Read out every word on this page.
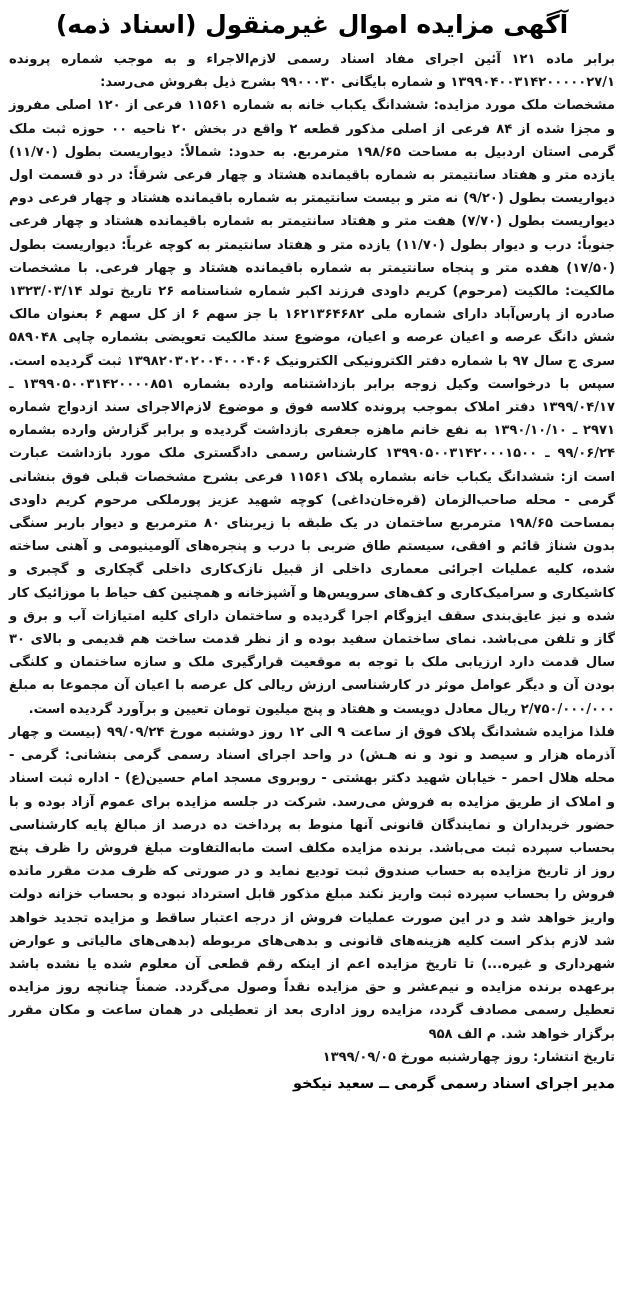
آگهی مزایده اموال غیرمنقول (اسناد ذمه)

برابر ماده ۱۲۱ آئین اجرای مفاد اسناد رسمی لازم‌الاجراء و به موجب شماره پرونده ۱۳۹۹۰۴۰۰۳۱۴۲۰۰۰۰۰۲۷/۱ و شماره بایگانی ۹۹۰۰۰۳۰ بشرح ذیل بفروش می‌رسد:

مشخصات ملک مورد مزایده: ششدانگ یکباب خانه به شماره ۱۱۵۶۱ فرعی از ۱۲۰ اصلی مفروز و مجزا شده از ۸۴ فرعی از اصلی مذکور قطعه ۲ واقع در بخش ۲۰ ناحیه ۰۰ حوزه ثبت ملک گرمی استان اردبیل به مساحت ۱۹۸/۶۵ مترمربع. به حدود: شمالاً: دیواریست بطول (۱۱/۷۰) یازده متر و هفتاد سانتیمتر به شماره باقیمانده هشتاد و چهار فرعی شرقاً: در دو قسمت اول دیواریست بطول (۹/۲۰) نه متر و بیست سانتیمتر به شماره باقیمانده هشتاد و چهار فرعی دوم دیواریست بطول (۷/۷۰) هفت متر و هفتاد سانتیمتر به شماره باقیمانده هشتاد و چهار فرعی جنوباً: درب و دیوار بطول (۱۱/۷۰) یازده متر و هفتاد سانتیمتر به کوچه غرباً: دیواریست بطول (۱۷/۵۰) هفده متر و پنجاه سانتیمتر به شماره باقیمانده هشتاد و چهار فرعی. با مشخصات مالکیت: مالکیت (مرحوم) کریم داودی فرزند اکبر شماره شناسنامه ۲۶ تاریخ تولد ۱۳۲۳/۰۳/۱۴ صادره از پارس‌آباد دارای شماره ملی ۱۶۲۱۳۶۴۶۸۲ با جز سهم ۶ از کل سهم ۶ بعنوان مالک شش دانگ عرصه و اعیان عرصه و اعیان، موضوع سند مالکیت تعویضی بشماره چاپی ۵۸۹۰۴۸ سری ج سال ۹۷ با شماره دفتر الکترونیکی الکترونیک ۱۳۹۸۲۰۳۰۲۰۰۴۰۰۰۴۰۶ ثبت گردیده است. سپس با درخواست وکیل زوجه برابر بازداشتنامه وارده بشماره ۱۳۹۹۰۵۰۰۳۱۴۲۰۰۰۰۸۵۱ ـ ۱۳۹۹/۰۴/۱۷ دفتر املاک بموجب پرونده کلاسه فوق و موضوع لازم‌الاجرای سند ازدواج شماره ۲۹۷۱ ـ ۱۳۹۰/۱۰/۱۰ به نفع خانم ماهزه جعفری بازداشت گردیده و برابر گزارش وارده بشماره ۹۹/۰۶/۲۴ ـ ۱۳۹۹۰۵۰۰۳۱۴۲۰۰۰۱۵۰۰ کارشناس رسمی دادگستری ملک مورد بازداشت عبارت است از: ششدانگ یکباب خانه بشماره پلاک ۱۱۵۶۱ فرعی بشرح مشخصات قبلی فوق بنشانی گرمی - محله صاحب‌الزمان (قره‌خان‌داغی) کوچه شهید عزیز پورملکی مرحوم کریم داودی بمساحت ۱۹۸/۶۵ مترمربع ساختمان در یک طبقه با زیربنای ۸۰ مترمربع و دیوار باربر سنگی بدون شناژ قائم و افقی، سیستم طاق ضربی با درب و پنجره‌های آلومینیومی و آهنی ساخته شده، کلیه عملیات اجرائی معماری داخلی از قبیل نازک‌کاری داخلی گچکاری و گچبری و کاشیکاری و سرامیک‌کاری و کف‌های سرویس‌ها و آشپزخانه و همچنین کف حیاط با موزائیک کار شده و نیز عایق‌بندی سقف ایزوگام اجرا گردیده و ساختمان دارای کلیه امتیازات آب و برق و گاز و تلفن می‌باشد. نمای ساختمان سفید بوده و از نظر قدمت ساخت هم قدیمی و بالای ۳۰ سال قدمت دارد ارزیابی ملک با توجه به موقعیت قرارگیری ملک و سازه ساختمان و کلنگی بودن آن و دیگر عوامل موثر در کارشناسی ارزش ریالی کل عرصه با اعیان آن مجموعا به مبلغ ۲/۷۵۰/۰۰۰/۰۰۰ ریال معادل دویست و هفتاد و پنج میلیون تومان تعیین و برآورد گردیده است.

فلذا مزایده ششدانگ پلاک فوق از ساعت ۹ الی ۱۲ روز دوشنبه مورخ ۹۹/۰۹/۲۴ (بیست و چهار آذرماه هزار و سیصد و نود و نه هـش) در واحد اجرای اسناد رسمی گرمی بنشانی: گرمی - محله هلال احمر - خیابان شهید دکتر بهشتی - روبروی مسجد امام حسین(ع) - اداره ثبت اسناد و املاک از طریق مزایده به فروش می‌رسد. شرکت در جلسه مزایده برای عموم آزاد بوده و با حضور خریداران و نمایندگان قانونی آنها منوط به پرداخت ده درصد از مبالغ پایه کارشناسی بحساب سپرده ثبت می‌باشد. برنده مزایده مکلف است مابه‌التفاوت مبلغ فروش را ظرف پنج روز از تاریخ مزایده به حساب صندوق ثبت تودیع نماید و در صورتی که ظرف مدت مقرر مانده فروش را بحساب سپرده ثبت واریز نکند مبلغ مذکور قابل استرداد نبوده و بحساب خزانه دولت واریز خواهد شد و در این صورت عملیات فروش از درجه اعتبار ساقط و مزایده تجدید خواهد شد لازم بذکر است کلیه هزینه‌های قانونی و بدهی‌های مربوطه (بدهی‌های مالیاتی و عوارض شهرداری و غیره...) تا تاریخ مزایده اعم از اینکه رقم قطعی آن معلوم شده یا نشده باشد برعهده برنده مزایده و نیم‌عشر و حق مزایده نقداً وصول می‌گردد. ضمناً چنانچه روز مزایده تعطیل رسمی مصادف گردد، مزایده روز اداری بعد از تعطیلی در همان ساعت و مکان مقرر برگزار خواهد شد. م الف ۹۵۸

تاریخ انتشار: روز چهارشنبه مورخ ۱۳۹۹/۰۹/۰۵

مدیر اجرای اسناد رسمی گرمی ــ سعید نیکخو
